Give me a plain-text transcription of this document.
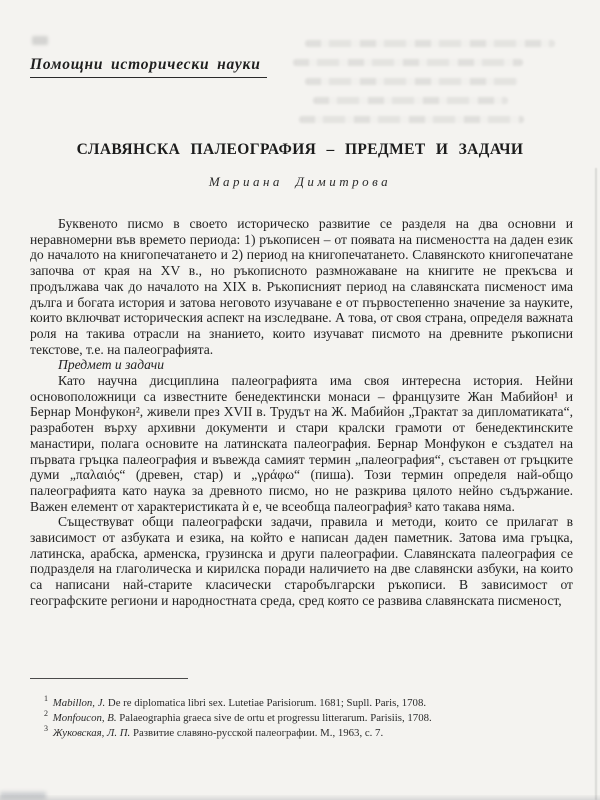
Помощни исторически науки
СЛАВЯНСКА ПАЛЕОГРАФИЯ – ПРЕДМЕТ И ЗАДАЧИ
Мариана Димитрова

Буквеното писмо в своето историческо развитие се разделя на два основни и неравномерни във времето периода: 1) ръкописен – от появата на писмеността на даден език до началото на книгопечатането и 2) период на книгопечатането. Славянското книгопечатане започва от края на XV в., но ръкописното размножаване на книгите не прекъсва и продължава чак до началото на XIX в. Ръкописният период на славянската писменост има дълга и богата история и затова неговото изучаване е от първостепенно значение за науките, които включват историческия аспект на изследване. А това, от своя страна, определя важната роля на такива отрасли на знанието, които изучават писмото на древните ръкописни текстове, т.е. на палеографията.

Предмет и задачи

Като научна дисциплина палеографията има своя интересна история. Нейни основоположници са известните бенедектински монаси – французите Жан Мабийон¹ и Бернар Монфукон², живели през XVII в. Трудът на Ж. Мабийон „Трактат за дипломатиката“, разработен върху архивни документи и стари кралски грамоти от бенедектинските манастири, полага основите на латинската палеография. Бернар Монфукон е създател на първата гръцка палеография и въвежда самият термин „палеография“, съставен от гръцките думи „παλαιός“ (древен, стар) и „γράφω“ (пиша). Този термин определя най-общо палеографията като наука за древното писмо, но не разкрива цялото нейно съдържание. Важен елемент от характеристиката ѝ е, че всеобща палеография³ като такава няма.

Съществуват общи палеографски задачи, правила и методи, които се прилагат в зависимост от азбуката и езика, на който е написан даден паметник. Затова има гръцка, латинска, арабска, арменска, грузинска и други палеографии. Славянската палеография се подразделя на глаголическа и кирилска поради наличието на две славянски азбуки, на които са написани най-старите класически старобългарски ръкописи. В зависимост от географските региони и народностната среда, сред която се развива славянската писменост,

$^1$ Mabillon, J. De re diplomatica libri sex. Lutetiae Parisiorum. 1681; Supll. Paris, 1708.

$^2$ Monfoucon, B. Palaeographia graeca sive de ortu et progressu litterarum. Parisiis, 1708.

$^3$ Жуковская, Л. П. Развитие славяно-русской палеографии. М., 1963, с. 7.
